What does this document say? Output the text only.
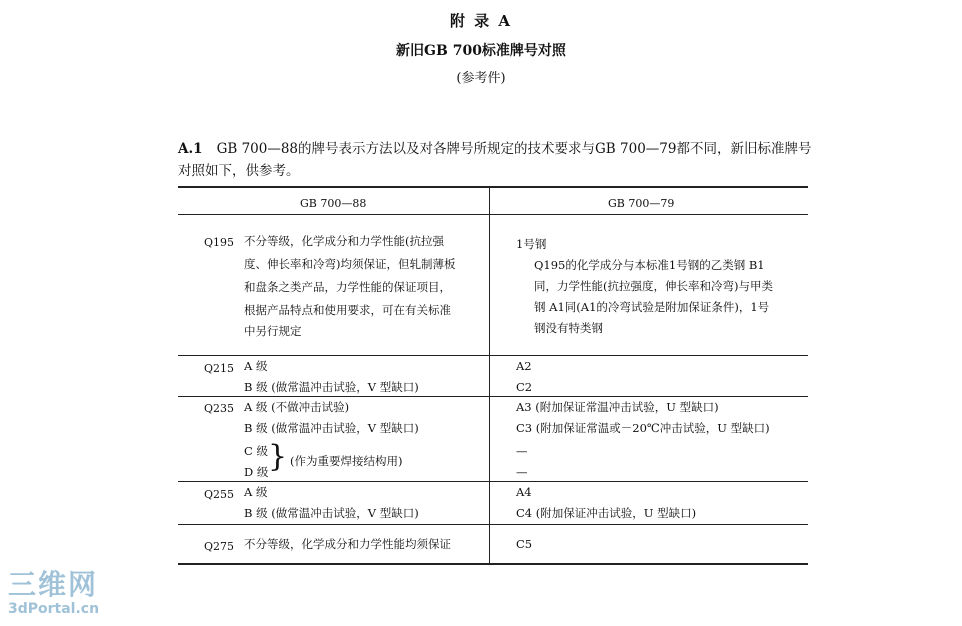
附 录 A
新旧GB 700标准牌号对照
(参考件)
A.1 GB 700—88的牌号表示方法以及对各牌号所规定的技术要求与GB 700—79都不同，新旧标准牌号对照如下，供参考。
GB 700—88	GB 700—79
Q195 不分等级，化学成分和力学性能(抗拉强
度、伸长率和冷弯)均须保证，但轧制薄板
和盘条之类产品，力学性能的保证项目，
根据产品特点和使用要求，可在有关标准
中另行规定
1号钢
Q195的化学成分与本标准1号钢的乙类钢 B1
同，力学性能(抗拉强度，伸长率和冷弯)与甲类
钢 A1同(A1的冷弯试验是附加保证条件)，1号
钢没有特类钢
Q215 A 级
B 级 (做常温冲击试验，V 型缺口)
A2
C2
Q235 A 级 (不做冲击试验)
B 级 (做常温冲击试验，V 型缺口)
C 级
D 级 } (作为重要焊接结构用)
A3 (附加保证常温冲击试验，U 型缺口)
C3 (附加保证常温或－20℃冲击试验，U 型缺口)
—
—
Q255 A 级
B 级 (做常温冲击试验，V 型缺口)
A4
C4 (附加保证冲击试验，U 型缺口)
Q275 不分等级，化学成分和力学性能均须保证	C5
三维网
3dPortal.cn
